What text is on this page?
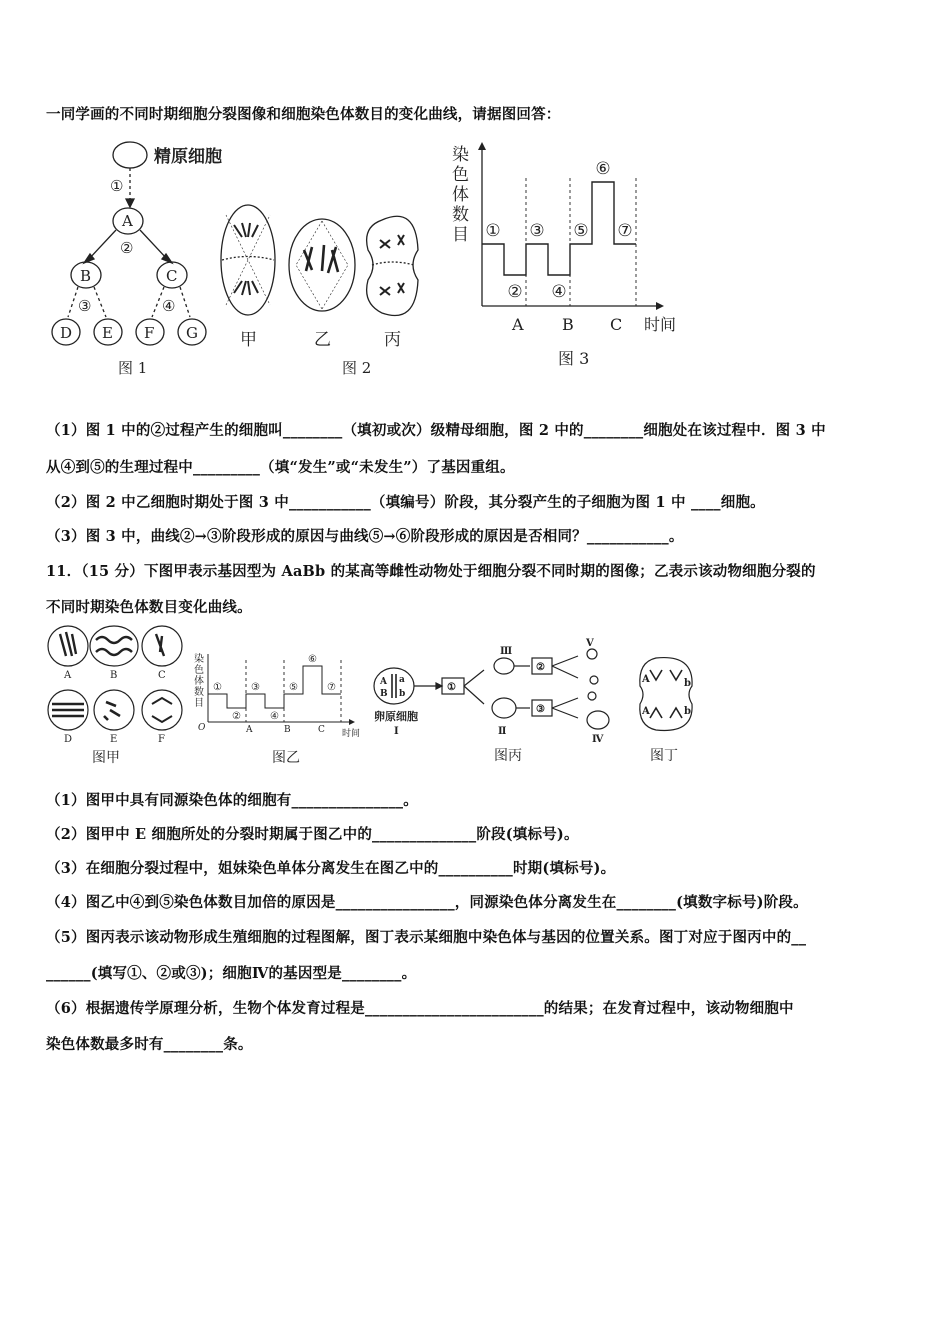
一同学画的不同时期细胞分裂图像和细胞染色体数目的变化曲线，请据图回答：
精原细胞
①
A
②
B	C
③	④
D E F G
图 1
甲	乙	丙
图 2
染
色
体
数
目 ①
②
③
④
⑤
⑥
⑦
A B C 时间
图 3
（1）图 1 中的②过程产生的细胞叫________（填初或次）级精母细胞，图 2 中的________细胞处在该过程中．图 3 中
从④到⑤的生理过程中_________（填“发生”或“未发生”）了基因重组。
（2）图 2 中乙细胞时期处于图 3 中___________（填编号）阶段，其分裂产生的子细胞为图 1 中 ____细胞。
（3）图 3 中，曲线②→③阶段形成的原因与曲线⑤→⑥阶段形成的原因是否相同？___________。
11．（15 分）下图甲表示基因型为 AaBb 的某高等雌性动物处于细胞分裂不同时期的图像；乙表示该动物细胞分裂的
不同时期染色体数目变化曲线。
A	B	C
D	E	F
图甲
染
色
体
数
目
①
②
③
④
⑤
⑥
⑦
O	A	B	C 时间
图乙
A a
B b
①
②
③
卵原细胞
Ⅰ	Ⅱ
Ⅲ
Ⅳ
Ⅴ
图丙
A	b
A	b
图丁
（1）图甲中具有同源染色体的细胞有_______________。
（2）图甲中 E 细胞所处的分裂时期属于图乙中的______________阶段(填标号)。
（3）在细胞分裂过程中，姐妹染色单体分离发生在图乙中的__________时期(填标号)。
（4）图乙中④到⑤染色体数目加倍的原因是________________，同源染色体分离发生在________(填数字标号)阶段。
（5）图丙表示该动物形成生殖细胞的过程图解，图丁表示某细胞中染色体与基因的位置关系。图丁对应于图丙中的__
______(填写①、②或③)；细胞Ⅳ的基因型是________。
（6）根据遗传学原理分析，生物个体发育过程是________________________的结果；在发育过程中，该动物细胞中
染色体数最多时有________条。
